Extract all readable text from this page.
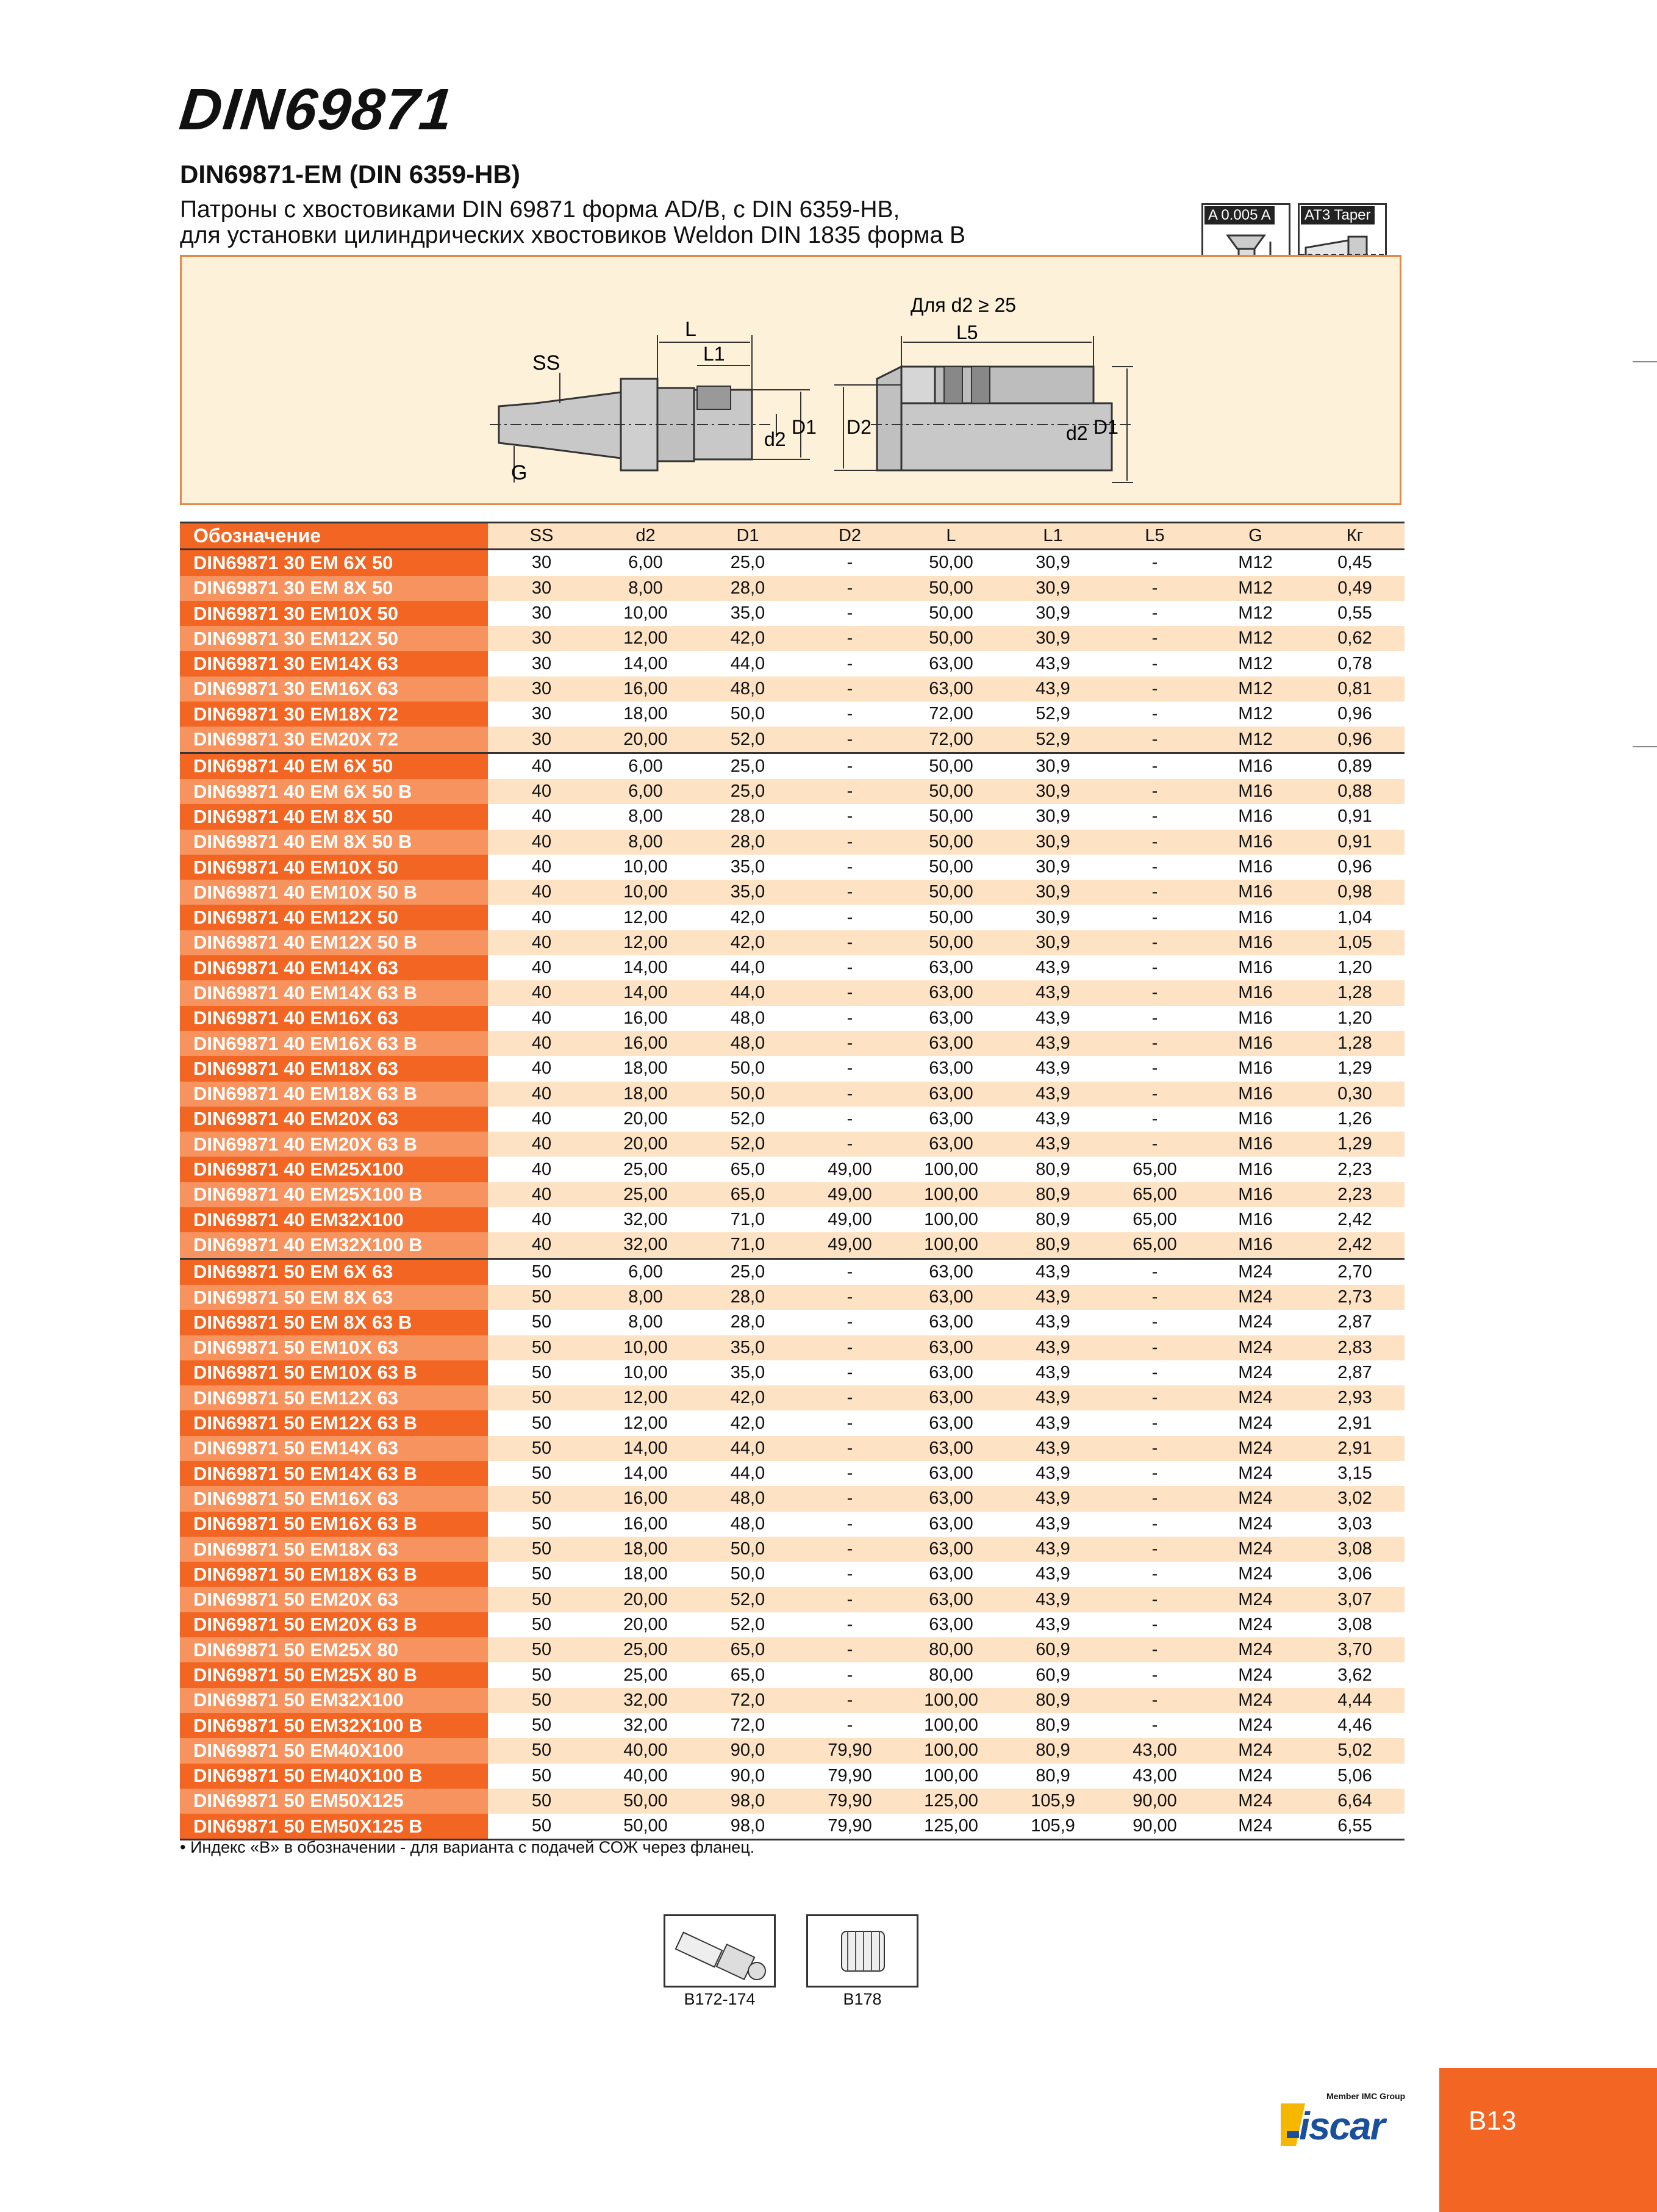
DIN69871
DIN69871-EM (DIN 6359-HB)
Патроны с хвостовиками DIN 69871 форма AD/B, с DIN 6359-HB,
для установки цилиндрических хвостовиков Weldon DIN 1835 форма B
A 0.005 A AT3 Taper
SS
G
L
L1
D1
d2
Для d2 ≥ 25
L5
D2	d2 D1
Обозначение	SS	d2	D1	D2	L	L1	L5	G	Кг
DIN69871 30 EM 6X 50	30	6,00	25,0	-	50,00	30,9	-	M12	0,45
DIN69871 30 EM 8X 50	30	8,00	28,0	-	50,00	30,9	-	M12	0,49
DIN69871 30 EM10X 50	30	10,00	35,0	-	50,00	30,9	-	M12	0,55
DIN69871 30 EM12X 50	30	12,00	42,0	-	50,00	30,9	-	M12	0,62
DIN69871 30 EM14X 63	30	14,00	44,0	-	63,00	43,9	-	M12	0,78
DIN69871 30 EM16X 63	30	16,00	48,0	-	63,00	43,9	-	M12	0,81
DIN69871 30 EM18X 72	30	18,00	50,0	-	72,00	52,9	-	M12	0,96
DIN69871 30 EM20X 72	30	20,00	52,0	-	72,00	52,9	-	M12	0,96
DIN69871 40 EM 6X 50	40	6,00	25,0	-	50,00	30,9	-	M16	0,89
DIN69871 40 EM 6X 50 B	40	6,00	25,0	-	50,00	30,9	-	M16	0,88
DIN69871 40 EM 8X 50	40	8,00	28,0	-	50,00	30,9	-	M16	0,91
DIN69871 40 EM 8X 50 B	40	8,00	28,0	-	50,00	30,9	-	M16	0,91
DIN69871 40 EM10X 50	40	10,00	35,0	-	50,00	30,9	-	M16	0,96
DIN69871 40 EM10X 50 B	40	10,00	35,0	-	50,00	30,9	-	M16	0,98
DIN69871 40 EM12X 50	40	12,00	42,0	-	50,00	30,9	-	M16	1,04
DIN69871 40 EM12X 50 B	40	12,00	42,0	-	50,00	30,9	-	M16	1,05
DIN69871 40 EM14X 63	40	14,00	44,0	-	63,00	43,9	-	M16	1,20
DIN69871 40 EM14X 63 B	40	14,00	44,0	-	63,00	43,9	-	M16	1,28
DIN69871 40 EM16X 63	40	16,00	48,0	-	63,00	43,9	-	M16	1,20
DIN69871 40 EM16X 63 B	40	16,00	48,0	-	63,00	43,9	-	M16	1,28
DIN69871 40 EM18X 63	40	18,00	50,0	-	63,00	43,9	-	M16	1,29
DIN69871 40 EM18X 63 B	40	18,00	50,0	-	63,00	43,9	-	M16	0,30
DIN69871 40 EM20X 63	40	20,00	52,0	-	63,00	43,9	-	M16	1,26
DIN69871 40 EM20X 63 B	40	20,00	52,0	-	63,00	43,9	-	M16	1,29
DIN69871 40 EM25X100	40	25,00	65,0	49,00	100,00	80,9	65,00	M16	2,23
DIN69871 40 EM25X100 B	40	25,00	65,0	49,00	100,00	80,9	65,00	M16	2,23
DIN69871 40 EM32X100	40	32,00	71,0	49,00	100,00	80,9	65,00	M16	2,42
DIN69871 40 EM32X100 B	40	32,00	71,0	49,00	100,00	80,9	65,00	M16	2,42
DIN69871 50 EM 6X 63	50	6,00	25,0	-	63,00	43,9	-	M24	2,70
DIN69871 50 EM 8X 63	50	8,00	28,0	-	63,00	43,9	-	M24	2,73
DIN69871 50 EM 8X 63 B	50	8,00	28,0	-	63,00	43,9	-	M24	2,87
DIN69871 50 EM10X 63	50	10,00	35,0	-	63,00	43,9	-	M24	2,83
DIN69871 50 EM10X 63 B	50	10,00	35,0	-	63,00	43,9	-	M24	2,87
DIN69871 50 EM12X 63	50	12,00	42,0	-	63,00	43,9	-	M24	2,93
DIN69871 50 EM12X 63 B	50	12,00	42,0	-	63,00	43,9	-	M24	2,91
DIN69871 50 EM14X 63	50	14,00	44,0	-	63,00	43,9	-	M24	2,91
DIN69871 50 EM14X 63 B	50	14,00	44,0	-	63,00	43,9	-	M24	3,15
DIN69871 50 EM16X 63	50	16,00	48,0	-	63,00	43,9	-	M24	3,02
DIN69871 50 EM16X 63 B	50	16,00	48,0	-	63,00	43,9	-	M24	3,03
DIN69871 50 EM18X 63	50	18,00	50,0	-	63,00	43,9	-	M24	3,08
DIN69871 50 EM18X 63 B	50	18,00	50,0	-	63,00	43,9	-	M24	3,06
DIN69871 50 EM20X 63	50	20,00	52,0	-	63,00	43,9	-	M24	3,07
DIN69871 50 EM20X 63 B	50	20,00	52,0	-	63,00	43,9	-	M24	3,08
DIN69871 50 EM25X 80	50	25,00	65,0	-	80,00	60,9	-	M24	3,70
DIN69871 50 EM25X 80 B	50	25,00	65,0	-	80,00	60,9	-	M24	3,62
DIN69871 50 EM32X100	50	32,00	72,0	-	100,00	80,9	-	M24	4,44
DIN69871 50 EM32X100 B	50	32,00	72,0	-	100,00	80,9	-	M24	4,46
DIN69871 50 EM40X100	50	40,00	90,0	79,90	100,00	80,9	43,00	M24	5,02
DIN69871 50 EM40X100 B	50	40,00	90,0	79,90	100,00	80,9	43,00	M24	5,06
DIN69871 50 EM50X125	50	50,00	98,0	79,90	125,00	105,9	90,00	M24	6,64
DIN69871 50 EM50X125 B	50	50,00	98,0	79,90	125,00	105,9	90,00	M24	6,55
• Индекс «B» в обозначении - для варианта с подачей СОЖ через фланец.
B172-174	B178
Member IMC Group
iscar	B13
